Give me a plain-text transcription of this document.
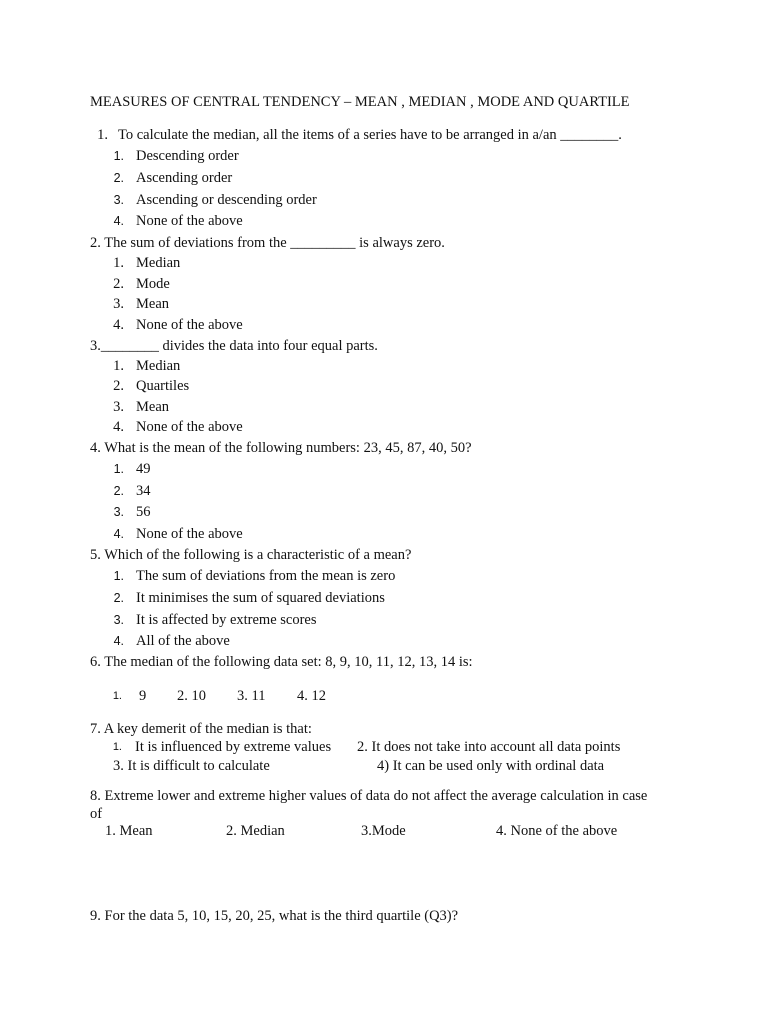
MEASURES OF CENTRAL TENDENCY – MEAN , MEDIAN , MODE AND QUARTILE
1. To calculate the median, all the items of a series have to be arranged in a/an ________.
1. Descending order
2. Ascending order
3. Ascending or descending order
4. None of the above
2. The sum of deviations from the _________ is always zero.
1. Median
2. Mode
3. Mean
4. None of the above
3.________ divides the data into four equal parts.
1. Median
2. Quartiles
3. Mean
4. None of the above
4. What is the mean of the following numbers: 23, 45, 87, 40, 50?
1. 49
2. 34
3. 56
4. None of the above
5. Which of the following is a characteristic of a mean?
1. The sum of deviations from the mean is zero
2. It minimises the sum of squared deviations
3. It is affected by extreme scores
4. All of the above
6. The median of the following data set: 8, 9, 10, 11, 12, 13, 14 is:
1. 9 2. 10 3. 11 4. 12
7. A key demerit of the median is that:
1. It is influenced by extreme values 2. It does not take into account all data points
3. It is difficult to calculate	4) It can be used only with ordinal data
8. Extreme lower and extreme higher values of data do not affect the average calculation in case
of
1. Mean	2. Median	3.Mode	4. None of the above
9. For the data 5, 10, 15, 20, 25, what is the third quartile (Q3)?
